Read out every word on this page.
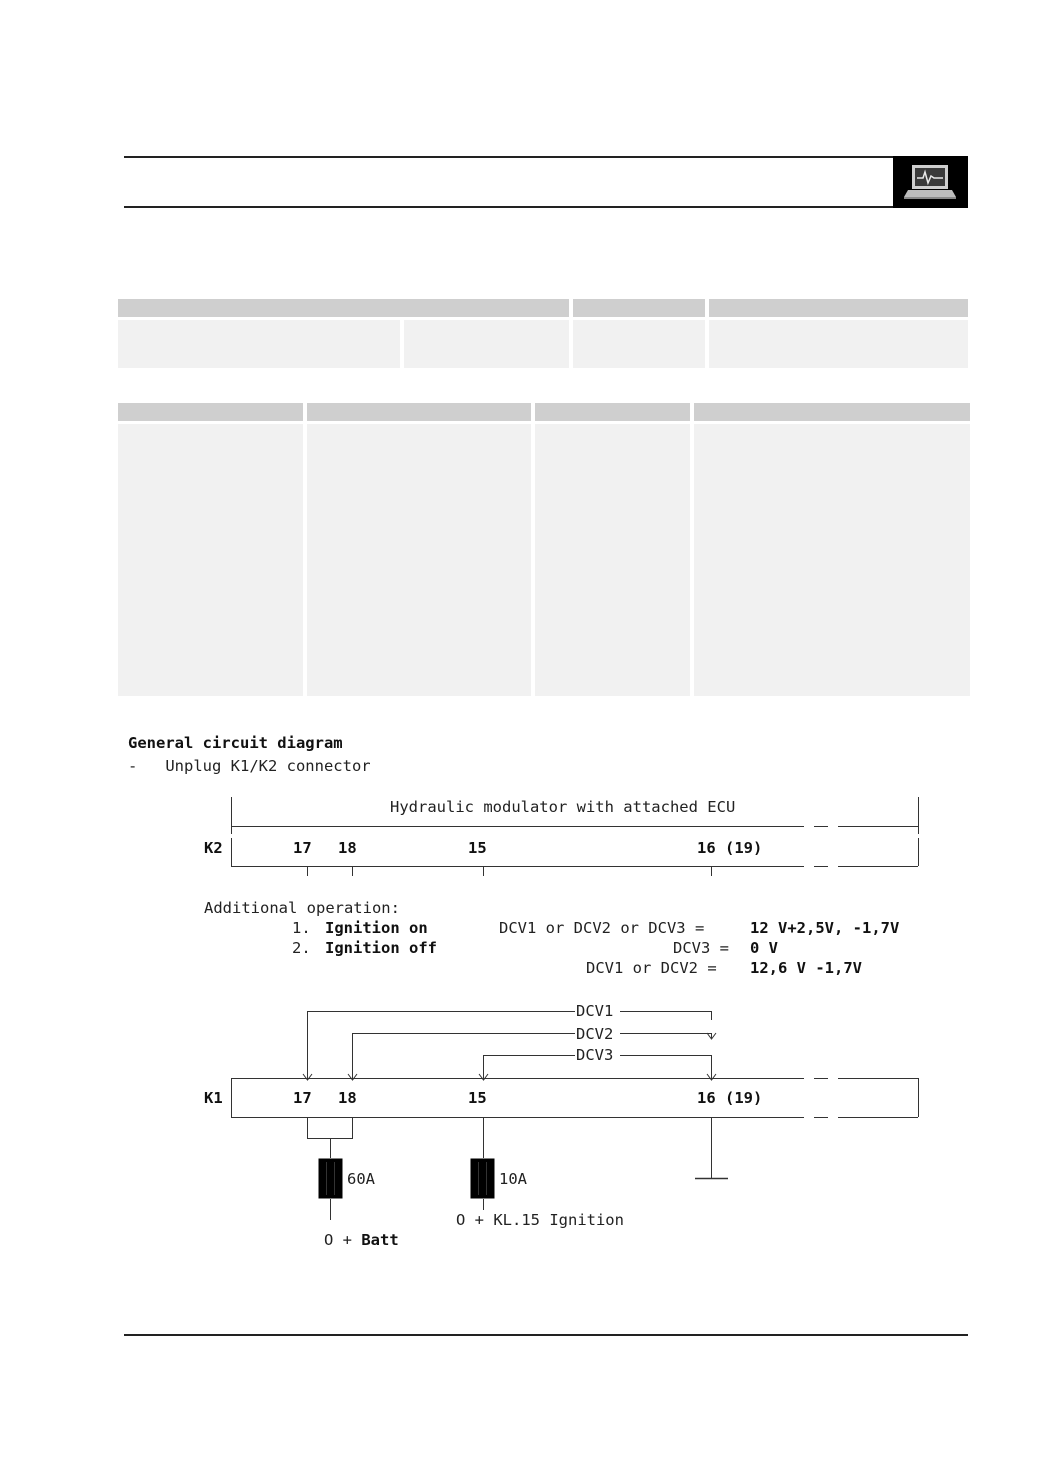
General circuit diagram
-   Unplug K1/K2 connector
Hydraulic modulator with attached ECU
K2	17 18	15	16 (19)
Additional operation:
1. Ignition on	DCV1 or DCV2 or DCV3 =	12 V+2,5V, -1,7V
2. Ignition off	DCV3 = 0 V
DCV1 or DCV2 = 12,6 V -1,7V
DCV1
DCV2
DCV3
K1	17 18	15	16 (19)
60A	10A
O + KL.15 Ignition
O + Batt
